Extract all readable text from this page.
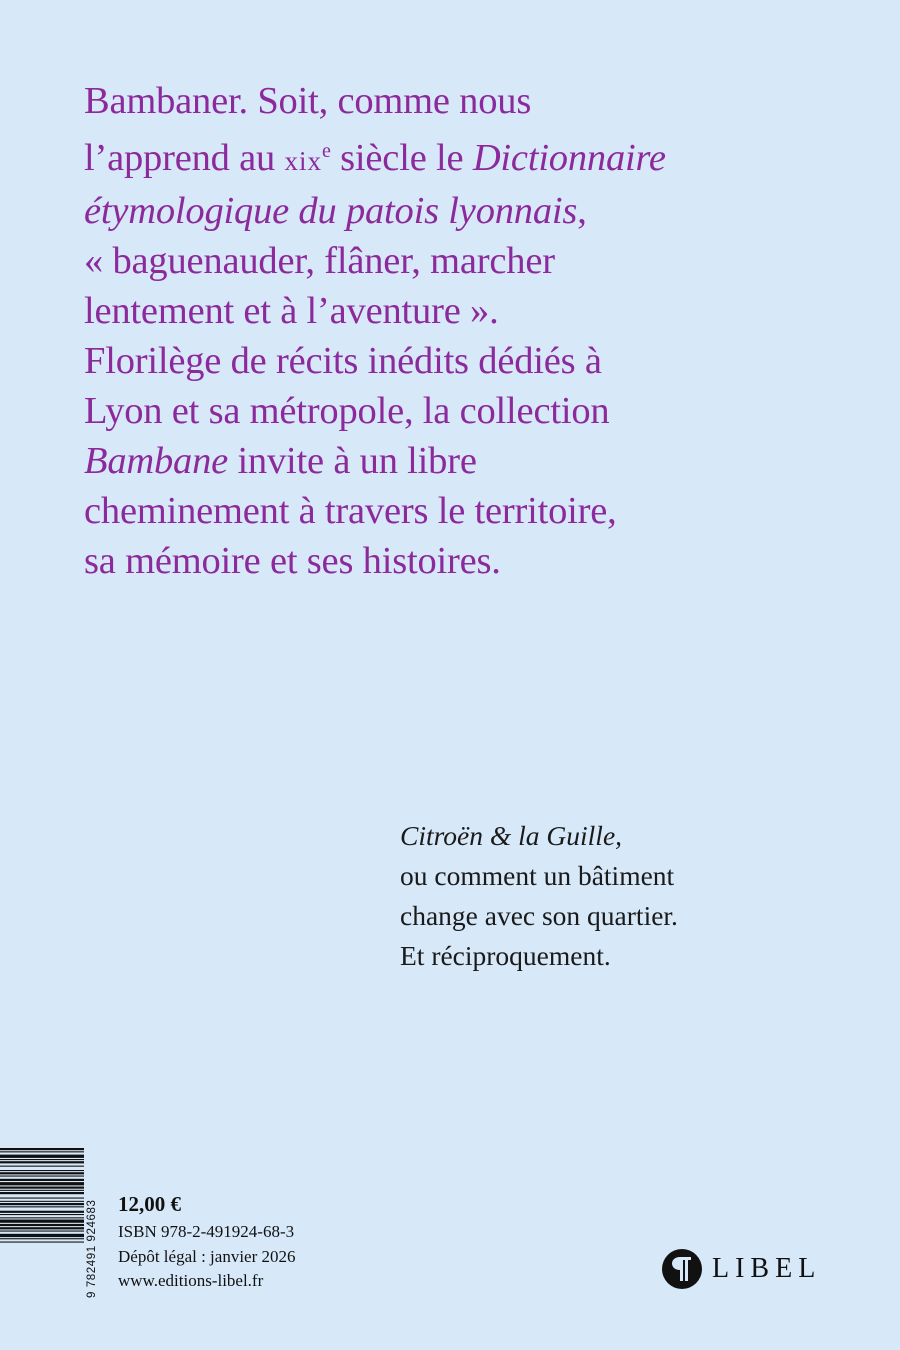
Bambaner. Soit, comme nous
l’apprend au xix$^e$ siècle le Dictionnaire
étymologique du patois lyonnais,
« baguenauder, flâner, marcher
lentement et à l’aventure ».
Florilège de récits inédits dédiés à
Lyon et sa métropole, la collection
Bambane invite à un libre
cheminement à travers le territoire,
sa mémoire et ses histoires.
Citroën & la Guille,
ou comment un bâtiment
change avec son quartier.
Et réciproquement.
9 782491 924683 12,00 €
ISBN 978-2-491924-68-3
Dépôt légal : janvier 2026
www.editions-libel.fr	LIBEL
